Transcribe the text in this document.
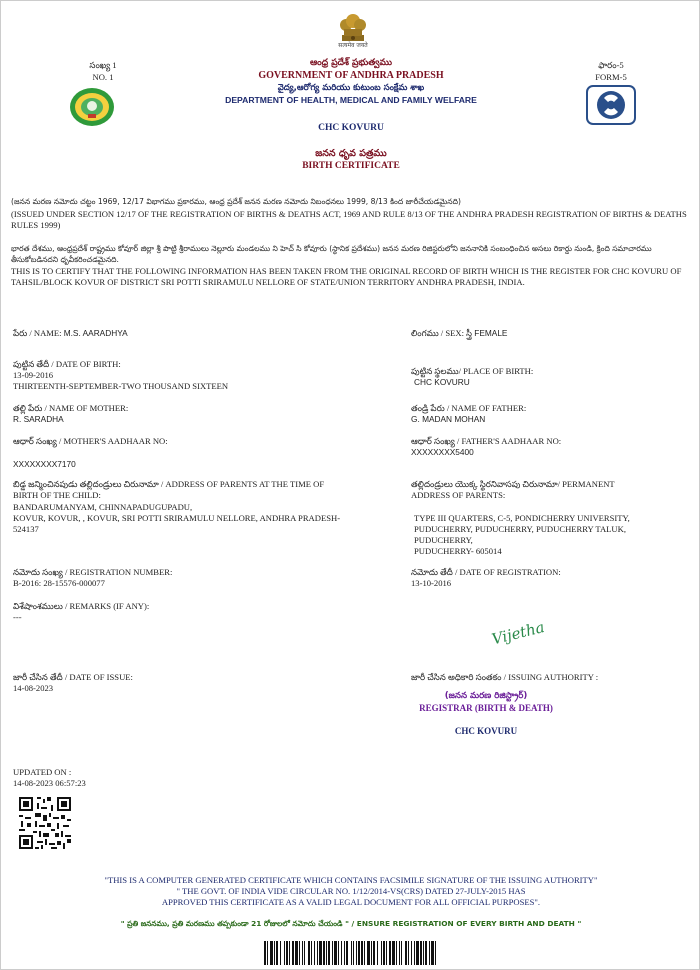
सत्यमेव जयते
సంఖ్య 1
NO. 1
ఫారం-5
FORM-5
ఆంధ్ర ప్రదేశ్ ప్రభుత్వము
GOVERNMENT OF ANDHRA PRADESH
వైద్య,ఆరోగ్య మరియు కుటుంబ సంక్షేమ శాఖ
DEPARTMENT OF HEALTH, MEDICAL AND FAMILY WELFARE
CHC KOVURU
జనన ధృవ పత్రము
BIRTH CERTIFICATE
(జనన మరణ నమోదు చట్టం 1969, 12/17 విభాగము ప్రకారము, ఆంధ్ర ప్రదేశ్ జనన మరణ నమోదు నిబంధనలు 1999, 8/13 కింద జారీచేయడమైనది)
(ISSUED UNDER SECTION 12/17 OF THE REGISTRATION OF BIRTHS & DEATHS ACT, 1969 AND RULE 8/13 OF THE ANDHRA PRADESH REGISTRATION OF BIRTHS & DEATHS RULES 1999)
భారత దేశము, ఆంధ్రప్రదేశ్ రాష్ట్రము కోవూర్ జిల్లా శ్రీ పొట్టి శ్రీరాములు నెల్లూరు మండలము ని హెచ్ సి కోవూరు (స్థానిక ప్రదేశము) జనన మరణ రిజిస్టరులోని జననానికి సంబంధించిన అసలు రికార్డు నుండి, క్రింది సమాచారము తీసుకోబడినదని ధృవీకరించడమైనది.
THIS IS TO CERTIFY THAT THE FOLLOWING INFORMATION HAS BEEN TAKEN FROM THE ORIGINAL RECORD OF BIRTH WHICH IS THE REGISTER FOR CHC KOVURU OF TAHSIL/BLOCK KOVUR OF DISTRICT SRI POTTI SRIRAMULU NELLORE OF STATE/UNION TERRITORY ANDHRA PRADESH, INDIA.
పేరు / NAME: M.S. AARADHYA	లింగము / SEX: స్త్రీ FEMALE
పుట్టిన తేదీ / DATE OF BIRTH:
13-09-2016
THIRTEENTH-SEPTEMBER-TWO THOUSAND SIXTEEN
పుట్టిన స్థలము/ PLACE OF BIRTH:
CHC KOVURU
తల్లి పేరు / NAME OF MOTHER:
R. SARADHA
తండ్రి పేరు / NAME OF FATHER:
G. MADAN MOHAN
ఆధార్ సంఖ్య / MOTHER'S AADHAAR NO:
XXXXXXXX7170
ఆధార్ సంఖ్య / FATHER'S AADHAAR NO:
XXXXXXXX5400
బిడ్డ జన్మించినపుడు తల్లిదండ్రులు చిరునామా / ADDRESS OF PARENTS AT THE TIME OF
BIRTH OF THE CHILD:
BANDARUMANYAM, CHINNAPADUGUPADU,
KOVUR, KOVUR, , KOVUR, SRI POTTI SRIRAMULU NELLORE, ANDHRA PRADESH-
524137
తల్లిదండ్రులు యొక్క స్థిరనివాసపు చిరునామా/ PERMANENT
ADDRESS OF PARENTS:
TYPE III QUARTERS, C-5, PONDICHERRY UNIVERSITY,
PUDUCHERRY, PUDUCHERRY, PUDUCHERRY TALUK,
PUDUCHERRY,
PUDUCHERRY- 605014
నమోదు సంఖ్య / REGISTRATION NUMBER:
B-2016: 28-15576-000077
నమోదు తేదీ / DATE OF REGISTRATION:
13-10-2016
విశేషాంశములు / REMARKS (IF ANY):
---
Vijetha
జారీ చేసిన తేదీ / DATE OF ISSUE:
14-08-2023
జారీ చేసిన అధికారి సంతకం / ISSUING AUTHORITY :
(జనన మరణ రిజిస్ట్రార్)
REGISTRAR (BIRTH & DEATH)
CHC KOVURU
UPDATED ON :
14-08-2023 06:57:23
"THIS IS A COMPUTER GENERATED CERTIFICATE WHICH CONTAINS FACSIMILE SIGNATURE OF THE ISSUING AUTHORITY"
" THE GOVT. OF INDIA VIDE CIRCULAR NO. 1/12/2014-VS(CRS) DATED 27-JULY-2015 HAS
APPROVED THIS CERTIFICATE AS A VALID LEGAL DOCUMENT FOR ALL OFFICIAL PURPOSES".
" ప్రతి జననము, ప్రతి మరణము తప్పకుండా 21 రోజులలో నమోదు చేయండి " / ENSURE REGISTRATION OF EVERY BIRTH AND DEATH "
